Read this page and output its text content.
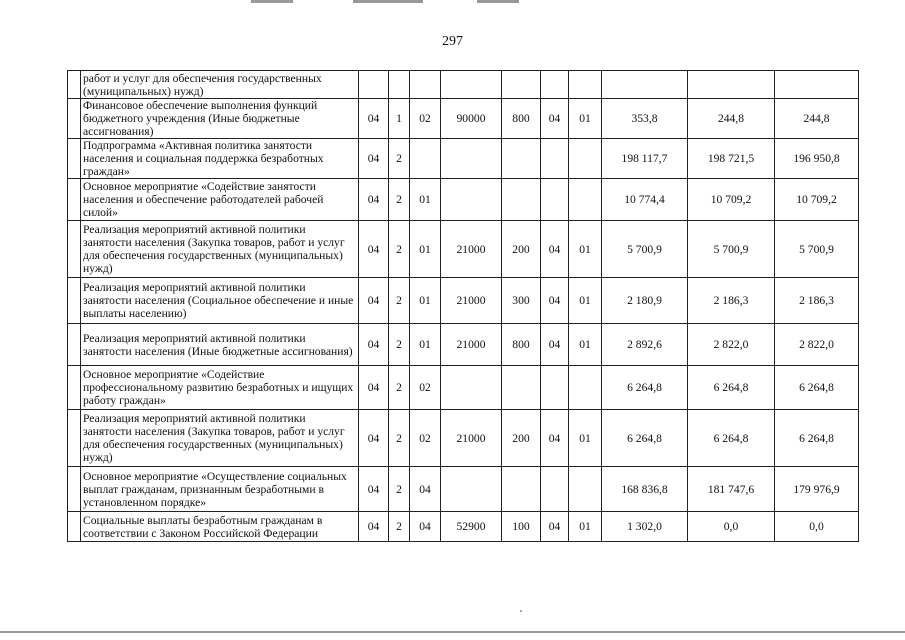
297
	работ и услуг для обеспечения государственных (муниципальных) нужд)										
	Финансовое обеспечение выполнения функций бюджетного учреждения (Иные бюджетные ассигнования)	04	1	02	90000	800	04	01	353,8	244,8	244,8
	Подпрограмма «Активная политика занятости населения и социальная поддержка безработных граждан»	04	2						198 117,7	198 721,5	196 950,8
	Основное мероприятие «Содействие занятости населения и обеспечение работодателей рабочей силой»	04	2	01					10 774,4	10 709,2	10 709,2
	Реализация мероприятий активной политики занятости населения (Закупка товаров, работ и услуг для обеспечения государственных (муниципальных) нужд)	04	2	01	21000	200	04	01	5 700,9	5 700,9	5 700,9
	Реализация мероприятий активной политики занятости населения (Социальное обеспечение и иные выплаты населению)	04	2	01	21000	300	04	01	2 180,9	2 186,3	2 186,3
	Реализация мероприятий активной политики занятости населения (Иные бюджетные ассигнования)	04	2	01	21000	800	04	01	2 892,6	2 822,0	2 822,0
	Основное мероприятие «Содействие профессиональному развитию безработных и ищущих работу граждан»	04	2	02					6 264,8	6 264,8	6 264,8
	Реализация мероприятий активной политики занятости населения (Закупка товаров, работ и услуг для обеспечения государственных (муниципальных) нужд)	04	2	02	21000	200	04	01	6 264,8	6 264,8	6 264,8
	Основное мероприятие «Осуществление социальных выплат гражданам, признанным безработными в установленном порядке»	04	2	04					168 836,8	181 747,6	179 976,9
	Социальные выплаты безработным гражданам в соответствии с Законом Российской Федерации	04	2	04	52900	100	04	01	1 302,0	0,0	0,0
